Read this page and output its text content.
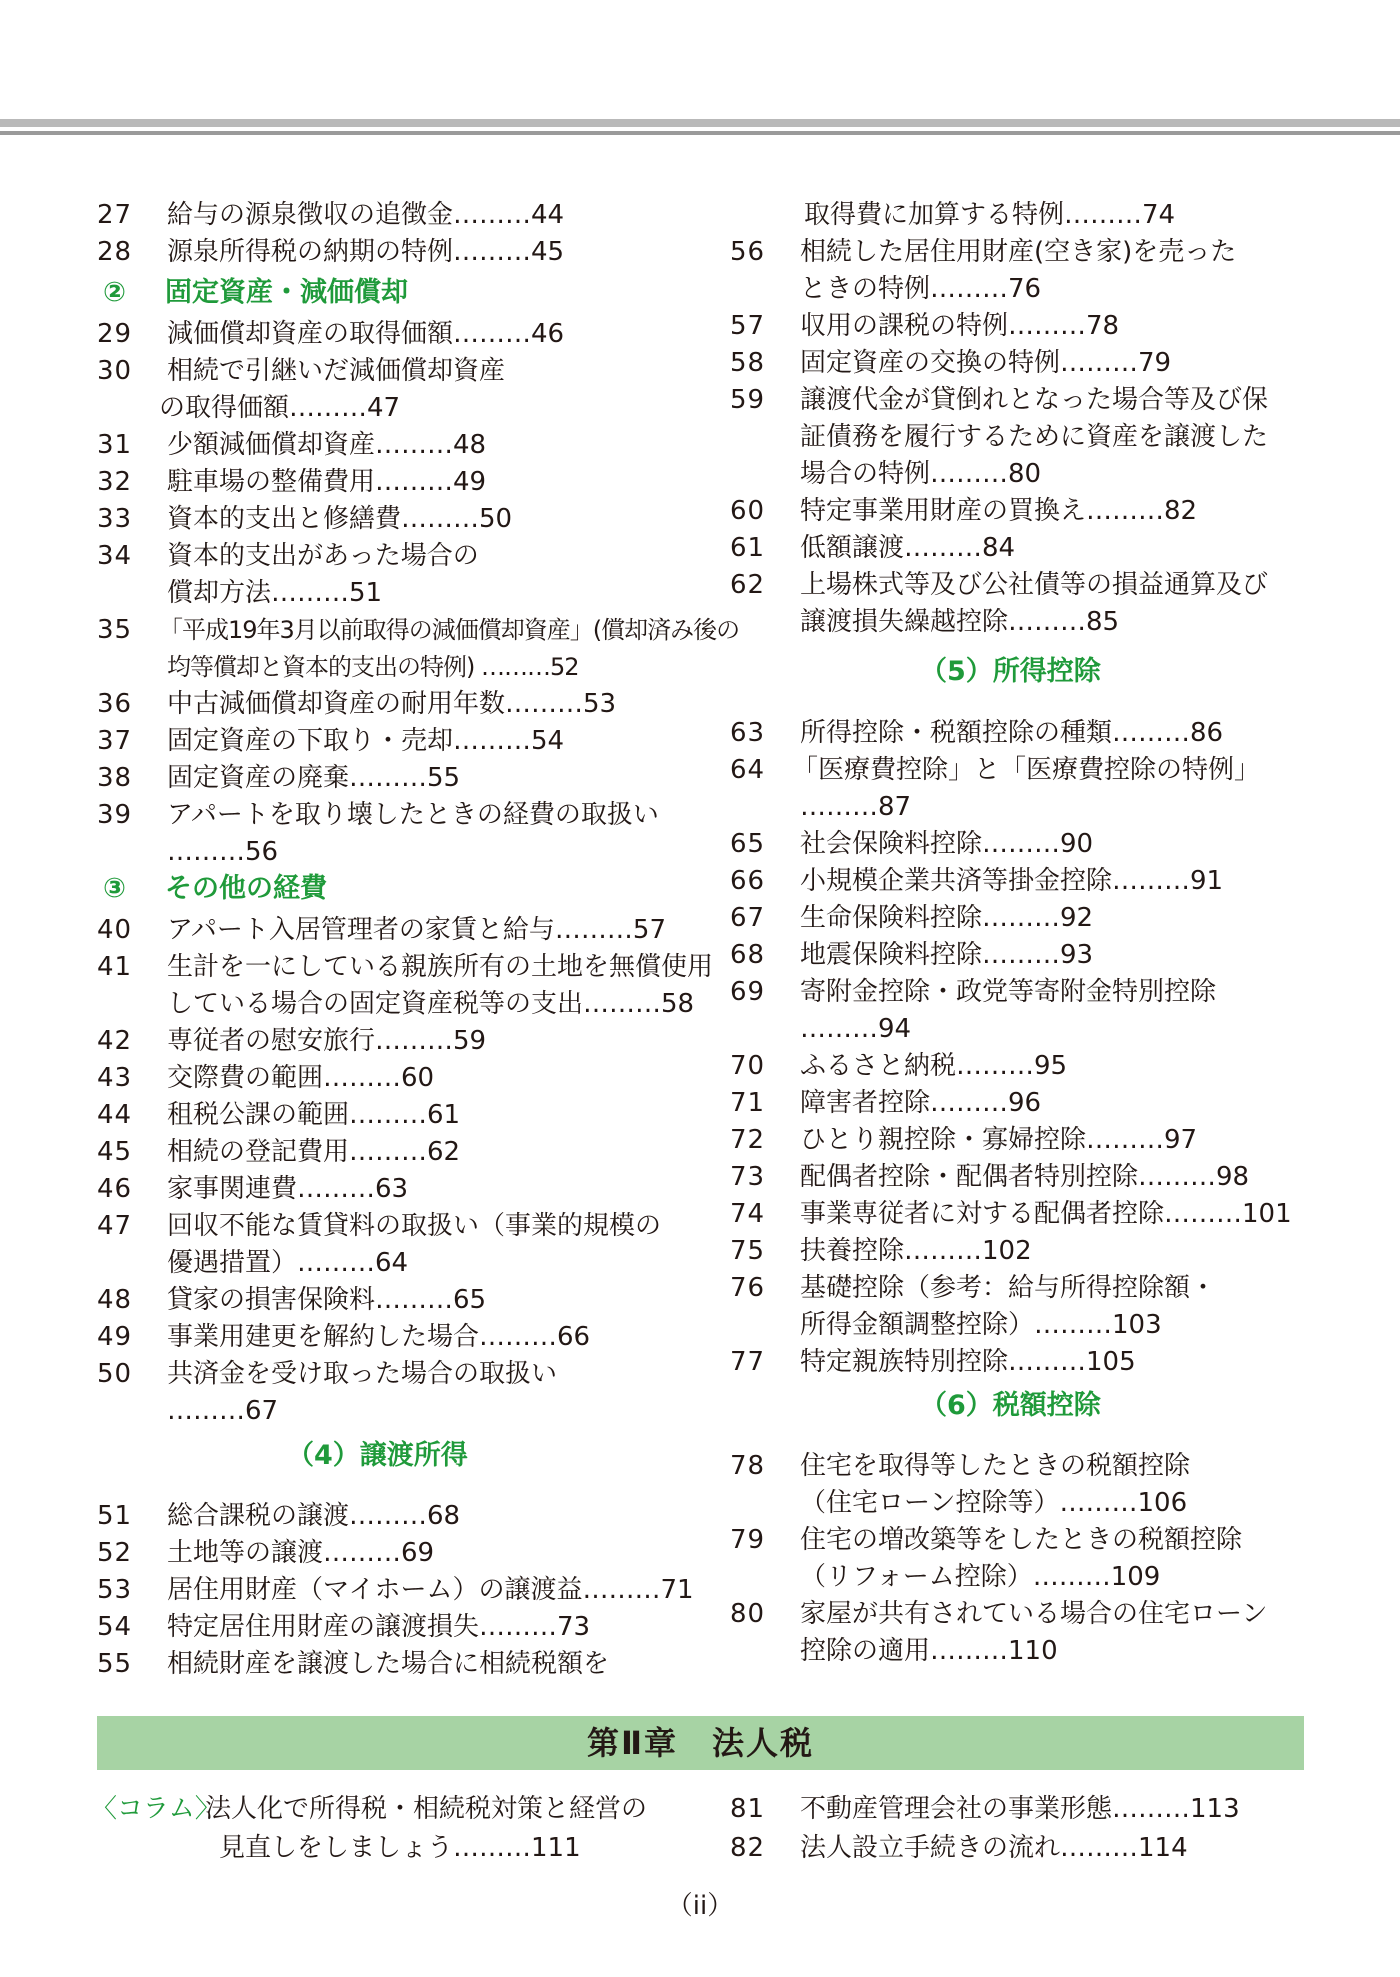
27	給与の源泉徴収の追徴金………44
28	源泉所得税の納期の特例………45
② 固定資産・減価償却
29	減価償却資産の取得価額………46
30	相続で引継いだ減価償却資産
の取得価額………47
31	少額減価償却資産………48
32	駐車場の整備費用………49
33	資本的支出と修繕費………50
34	資本的支出があった場合の
償却方法………51
35	「平成19年3月以前取得の減価償却資産」(償却済み後の
均等償却と資本的支出の特例) ………52
36	中古減価償却資産の耐用年数………53
37	固定資産の下取り・売却………54
38	固定資産の廃棄………55
39	アパートを取り壊したときの経費の取扱い
………56
③ その他の経費
40	アパート入居管理者の家賃と給与………57
41	生計を一にしている親族所有の土地を無償使用
している場合の固定資産税等の支出………58
42	専従者の慰安旅行………59
43	交際費の範囲………60
44	租税公課の範囲………61
45	相続の登記費用………62
46	家事関連費………63
47	回収不能な賃貸料の取扱い（事業的規模の
優遇措置）………64
48	貸家の損害保険料………65
49	事業用建更を解約した場合………66
50	共済金を受け取った場合の取扱い
………67
（4）譲渡所得
51	総合課税の譲渡………68
52	土地等の譲渡………69
53	居住用財産（マイホーム）の譲渡益………71
54	特定居住用財産の譲渡損失………73
55	相続財産を譲渡した場合に相続税額を
取得費に加算する特例………74
56	相続した居住用財産(空き家)を売った
ときの特例………76
57	収用の課税の特例………78
58	固定資産の交換の特例………79
59	譲渡代金が貸倒れとなった場合等及び保
証債務を履行するために資産を譲渡した
場合の特例………80
60	特定事業用財産の買換え………82
61	低額譲渡………84
62	上場株式等及び公社債等の損益通算及び
譲渡損失繰越控除………85
（5）所得控除
63	所得控除・税額控除の種類………86
64	「医療費控除」と「医療費控除の特例」
………87
65	社会保険料控除………90
66	小規模企業共済等掛金控除………91
67	生命保険料控除………92
68	地震保険料控除………93
69	寄附金控除・政党等寄附金特別控除
………94
70	ふるさと納税………95
71	障害者控除………96
72	ひとり親控除・寡婦控除………97
73	配偶者控除・配偶者特別控除………98
74	事業専従者に対する配偶者控除………101
75	扶養控除………102
76	基礎控除（参考：給与所得控除額・
所得金額調整控除）………103
77	特定親族特別控除………105
（6）税額控除
78	住宅を取得等したときの税額控除
（住宅ローン控除等）………106
79	住宅の増改築等をしたときの税額控除
（リフォーム控除）………109
80	家屋が共有されている場合の住宅ローン
控除の適用………110
第Ⅱ章　法人税
〈コラム〉
法人化で所得税・相続税対策と経営の
見直しをしましょう………111
81	不動産管理会社の事業形態………113
82	法人設立手続きの流れ………114
（ii）
